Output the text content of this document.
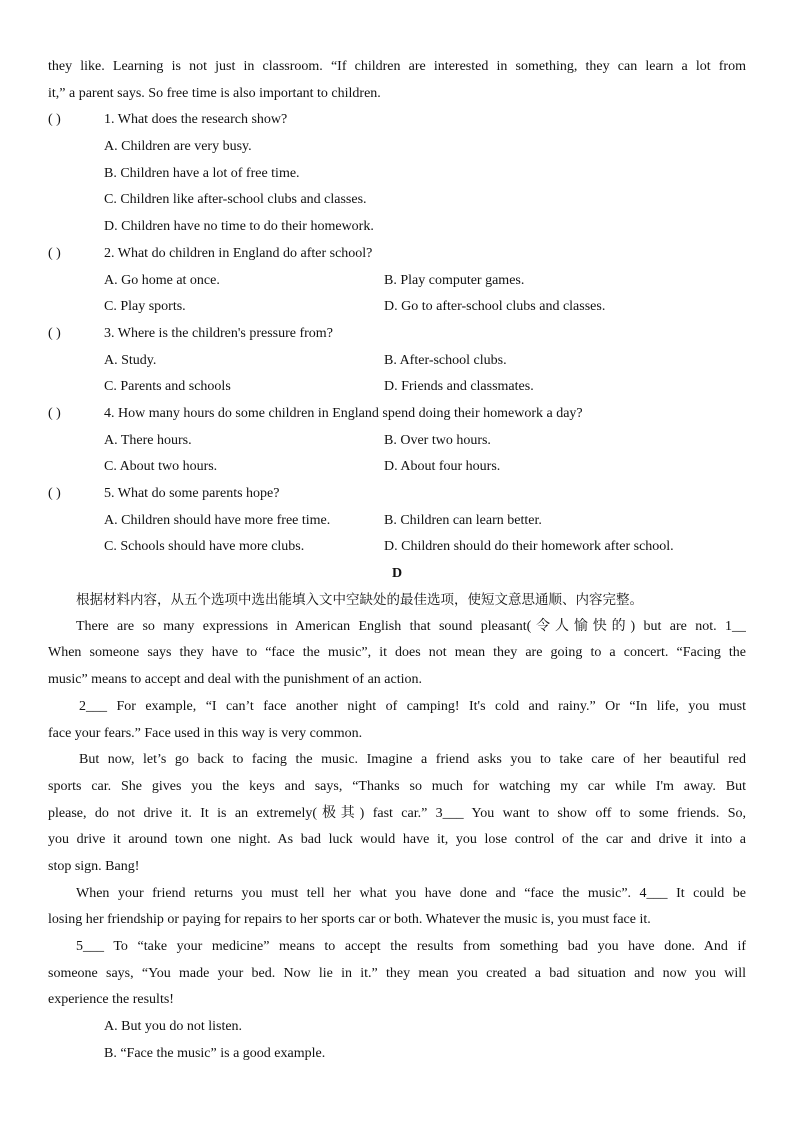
they like. Learning is not just in classroom. “If children are interested in something, they can learn a lot from
it,” a parent says. So free time is also important to children.
( )	1. What does the research show?
A. Children are very busy.
B. Children have a lot of free time.
C. Children like after-school clubs and classes.
D. Children have no time to do their homework.
( )	2. What do children in England do after school?
A. Go home at once.	B. Play computer games.
C. Play sports.	D. Go to after-school clubs and classes.
( )	3. Where is the children's pressure from?
A. Study.	B. After-school clubs.
C. Parents and schools	D. Friends and classmates.
( )	4. How many hours do some children in England spend doing their homework a day?
A. There hours.	B. Over two hours.
C. About two hours.	D. About four hours.
( )	5. What do some parents hope?
A. Children should have more free time.	B. Children can learn better.
C. Schools should have more clubs.	D. Children should do their homework after school.
D
根据材料内容，从五个选项中选出能填入文中空缺处的最佳选项，使短文意思通顺、内容完整。
There are so many expressions in American English that sound pleasant(令人愉快的) but are not. 1__
When someone says they have to “face the music”, it does not mean they are going to a concert. “Facing the
music” means to accept and deal with the punishment of an action.
2___ For example, “I can’t face another night of camping! It's cold and rainy.” Or “In life, you must
face your fears.” Face used in this way is very common.
But now, let’s go back to facing the music. Imagine a friend asks you to take care of her beautiful red
sports car. She gives you the keys and says, “Thanks so much for watching my car while I'm away. But
please, do not drive it. It is an extremely(极其) fast car.” 3___ You want to show off to some friends. So,
you drive it around town one night. As bad luck would have it, you lose control of the car and drive it into a
stop sign. Bang!
When your friend returns you must tell her what you have done and “face the music”. 4___ It could be
losing her friendship or paying for repairs to her sports car or both. Whatever the music is, you must face it.
5___ To “take your medicine” means to accept the results from something bad you have done. And if
someone says, “You made your bed. Now lie in it.” they mean you created a bad situation and now you will
experience the results!
A. But you do not listen.
B. “Face the music” is a good example.
